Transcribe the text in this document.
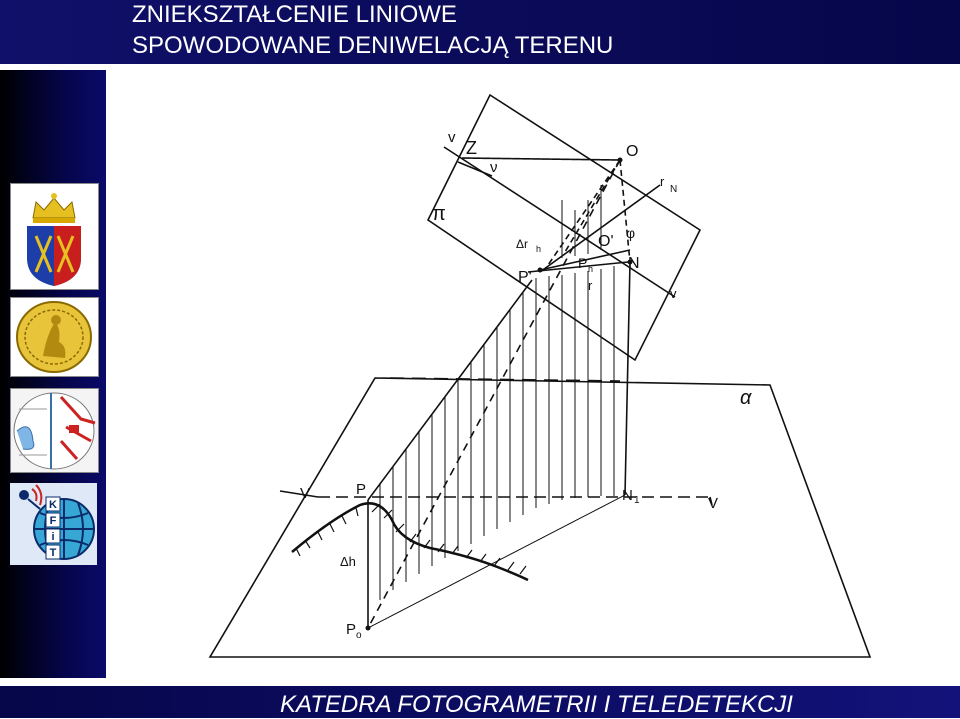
ZNIEKSZTAŁCENIE LINIOWE
SPOWODOWANE DENIWELACJĄ TERENU
K
F
i
T
v
Z
ν
O
r
N
π
Δr h	O' φ
P'
P h N
r
v
α
V	P	N 1	V
Δh
P o
KATEDRA FOTOGRAMETRII I TELEDETEKCJI
